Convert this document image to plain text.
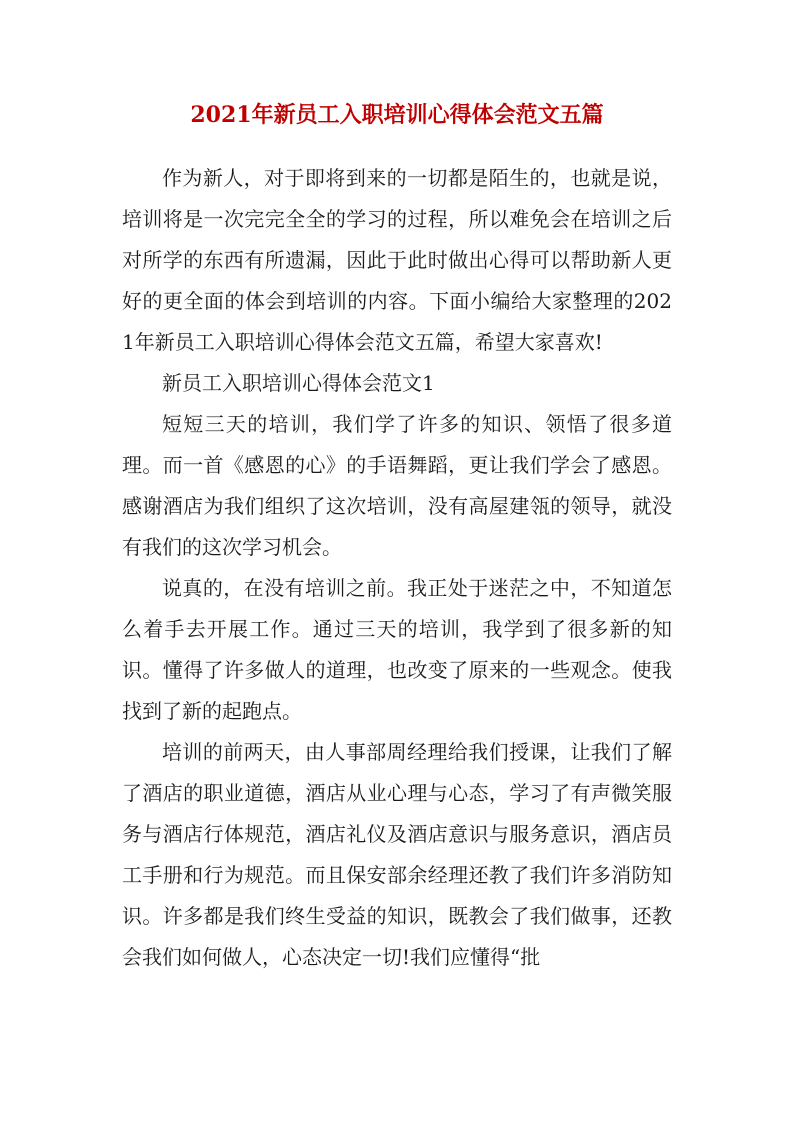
2021年新员工入职培训心得体会范文五篇

作为新人，对于即将到来的一切都是陌生的，也就是说，培训将是一次完完全全的学习的过程，所以难免会在培训之后对所学的东西有所遗漏，因此于此时做出心得可以帮助新人更好的更全面的体会到培训的内容。下面小编给大家整理的2021年新员工入职培训心得体会范文五篇，希望大家喜欢!

新员工入职培训心得体会范文1

短短三天的培训，我们学了许多的知识、领悟了很多道理。而一首《感恩的心》的手语舞蹈，更让我们学会了感恩。感谢酒店为我们组织了这次培训，没有高屋建瓴的领导，就没有我们的这次学习机会。

说真的，在没有培训之前。我正处于迷茫之中，不知道怎么着手去开展工作。通过三天的培训，我学到了很多新的知识。懂得了许多做人的道理，也改变了原来的一些观念。使我找到了新的起跑点。

培训的前两天，由人事部周经理给我们授课，让我们了解了酒店的职业道德，酒店从业心理与心态，学习了有声微笑服务与酒店行体规范，酒店礼仪及酒店意识与服务意识，酒店员工手册和行为规范。而且保安部余经理还教了我们许多消防知识。许多都是我们终生受益的知识，既教会了我们做事，还教会我们如何做人，心态决定一切!我们应懂得“批
